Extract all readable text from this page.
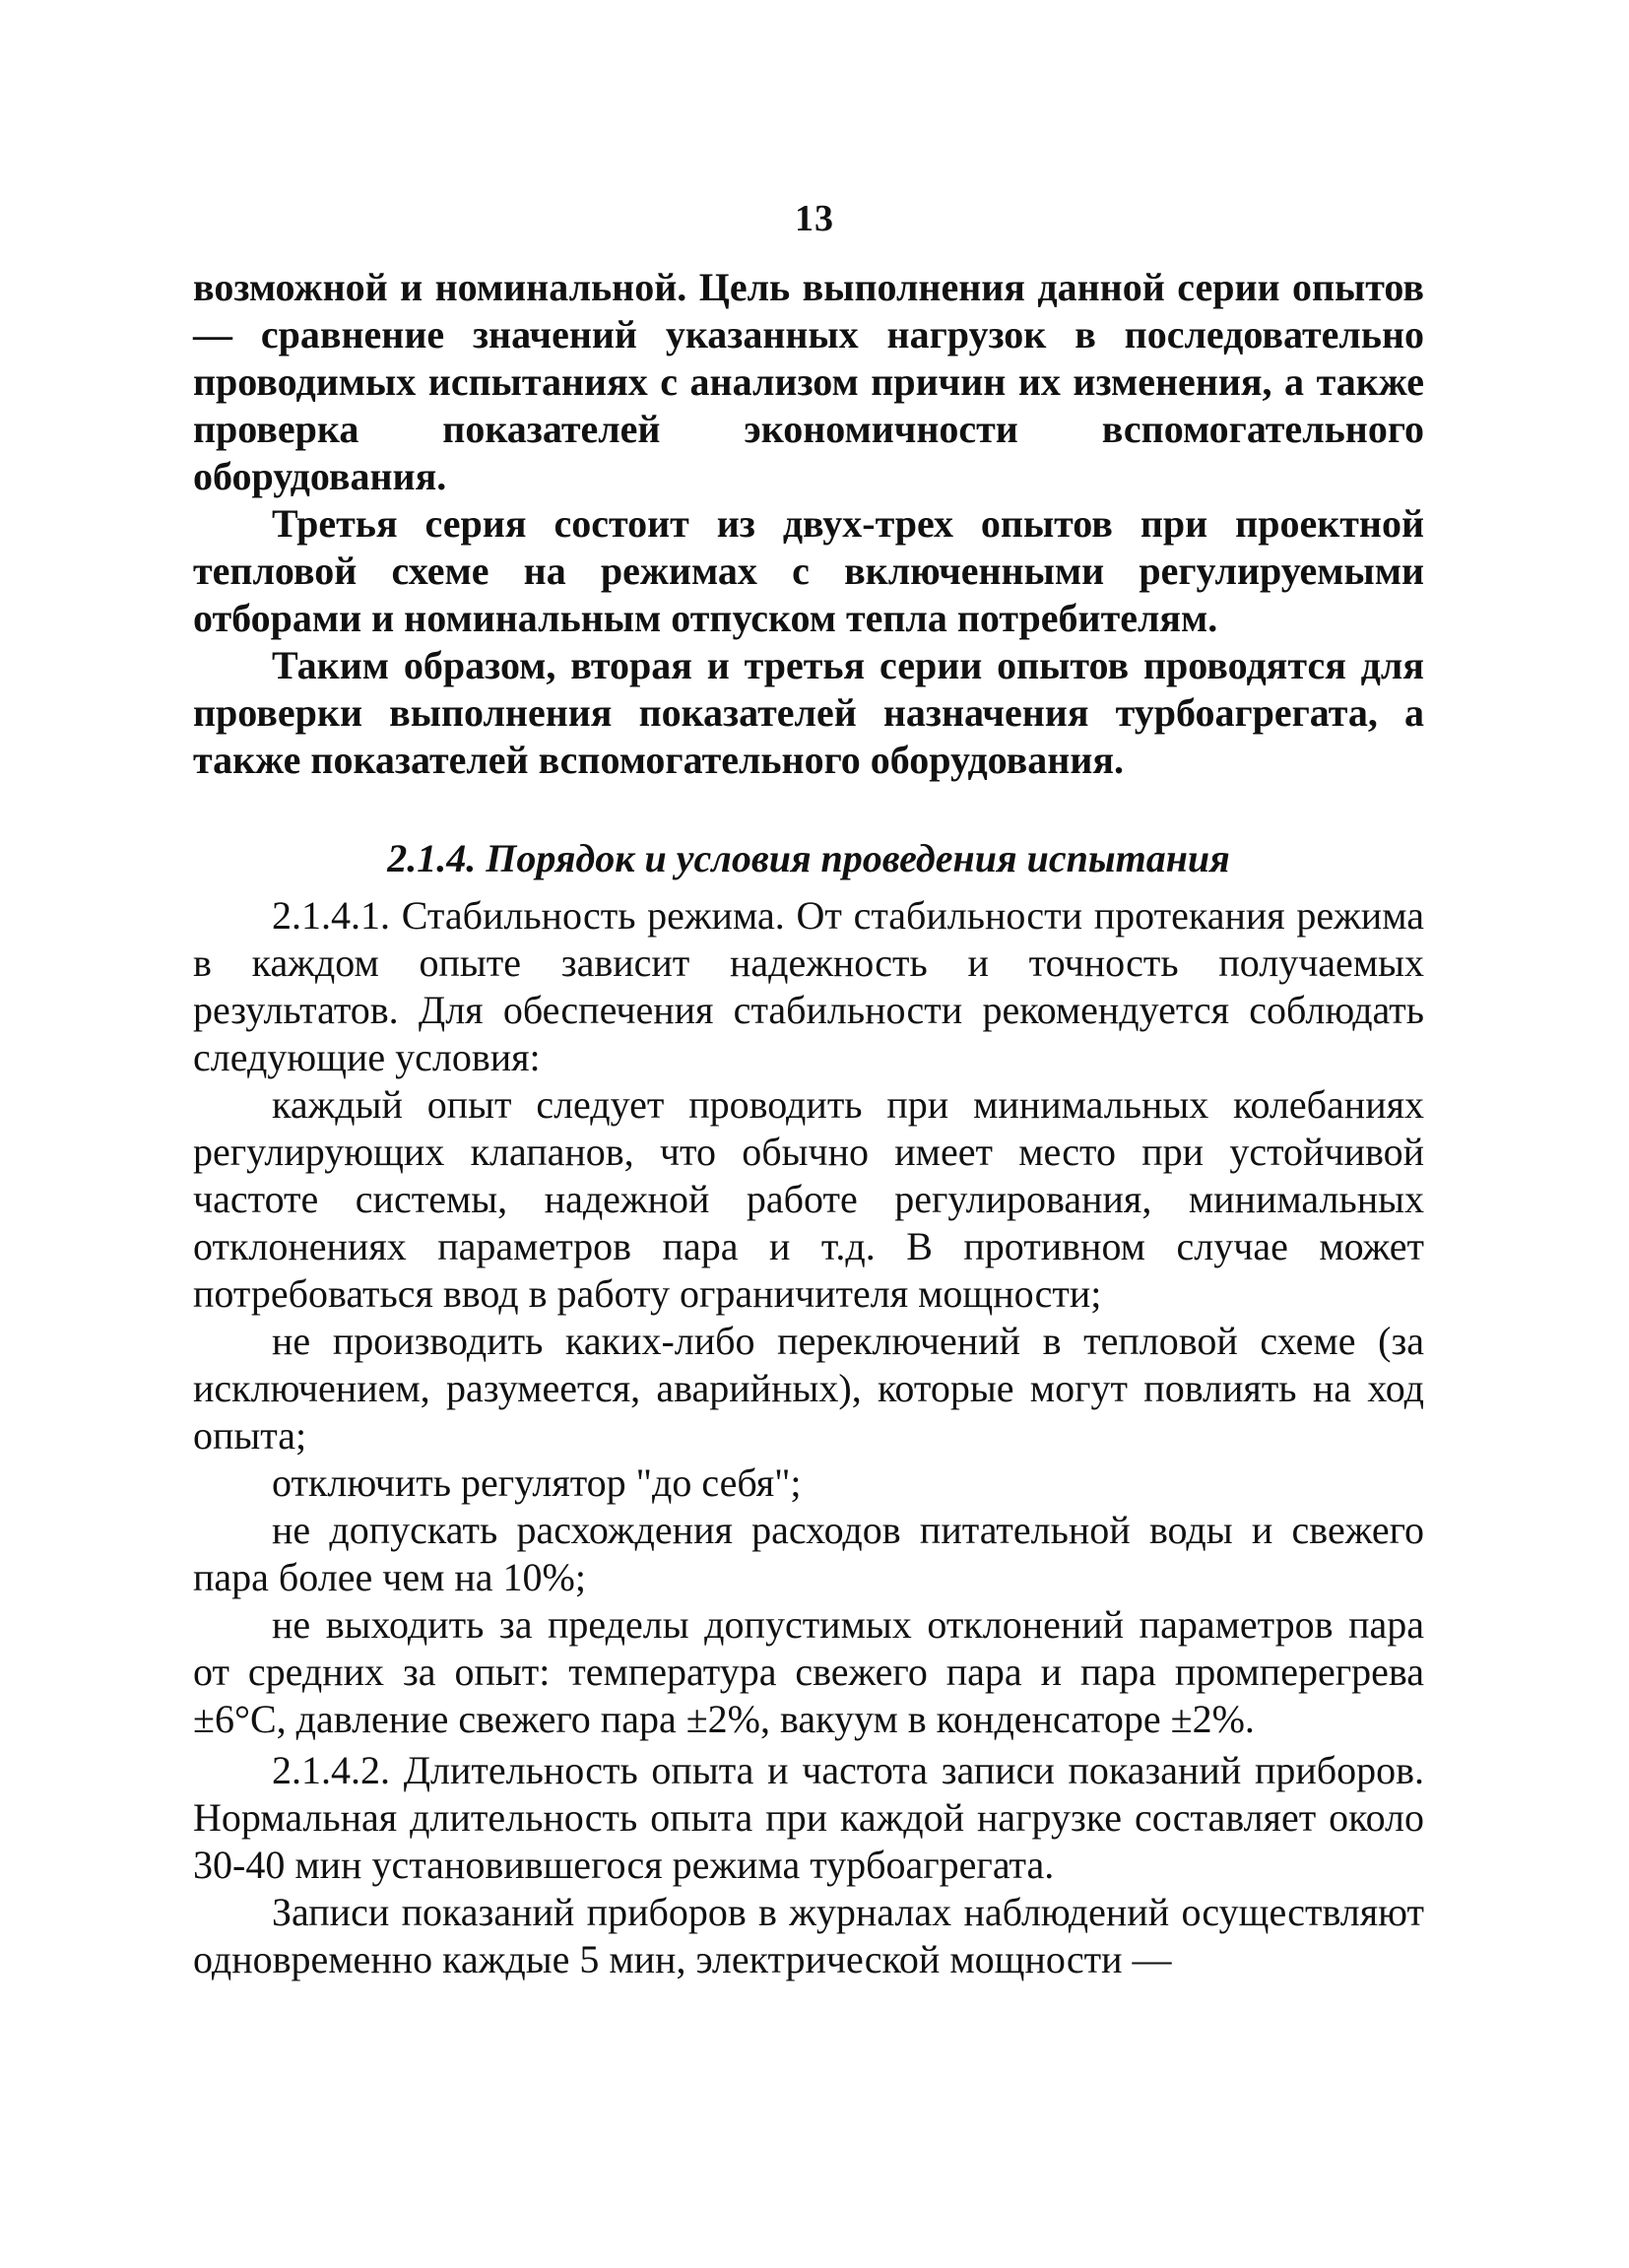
13

возможной и номинальной. Цель выполнения данной серии опытов — сравнение значений указанных нагрузок в последовательно проводимых испытаниях с анализом причин их изменения, а также проверка показателей экономичности вспомогательного оборудования.

Третья серия состоит из двух-трех опытов при проектной тепловой схеме на режимах с включенными регулируемыми отборами и номинальным отпуском тепла потребителям.

Таким образом, вторая и третья серии опытов проводятся для проверки выполнения показателей назначения турбоагрегата, а также показателей вспомогательного оборудования.

2.1.4. Порядок и условия проведения испытания

2.1.4.1. Стабильность режима. От стабильности протекания режима в каждом опыте зависит надежность и точность получаемых результатов. Для обеспечения стабильности рекомендуется соблюдать следующие условия:

каждый опыт следует проводить при минимальных колебаниях регулирующих клапанов, что обычно имеет место при устойчивой частоте системы, надежной работе регулирования, минимальных отклонениях параметров пара и т.д. В противном случае может потребоваться ввод в работу ограничителя мощности;

не производить каких-либо переключений в тепловой схеме (за исключением, разумеется, аварийных), которые могут повлиять на ход опыта;

отключить регулятор "до себя";

не допускать расхождения расходов питательной воды и свежего пара более чем на 10%;

не выходить за пределы допустимых отклонений параметров пара от средних за опыт: температура свежего пара и пара промперегрева ±6°С, давление свежего пара ±2%, вакуум в конденсаторе ±2%.

2.1.4.2. Длительность опыта и частота записи показаний приборов. Нормальная длительность опыта при каждой нагрузке составляет около 30-40 мин установившегося режима турбоагрегата.

Записи показаний приборов в журналах наблюдений осуществляют одновременно каждые 5 мин, электрической мощности —
